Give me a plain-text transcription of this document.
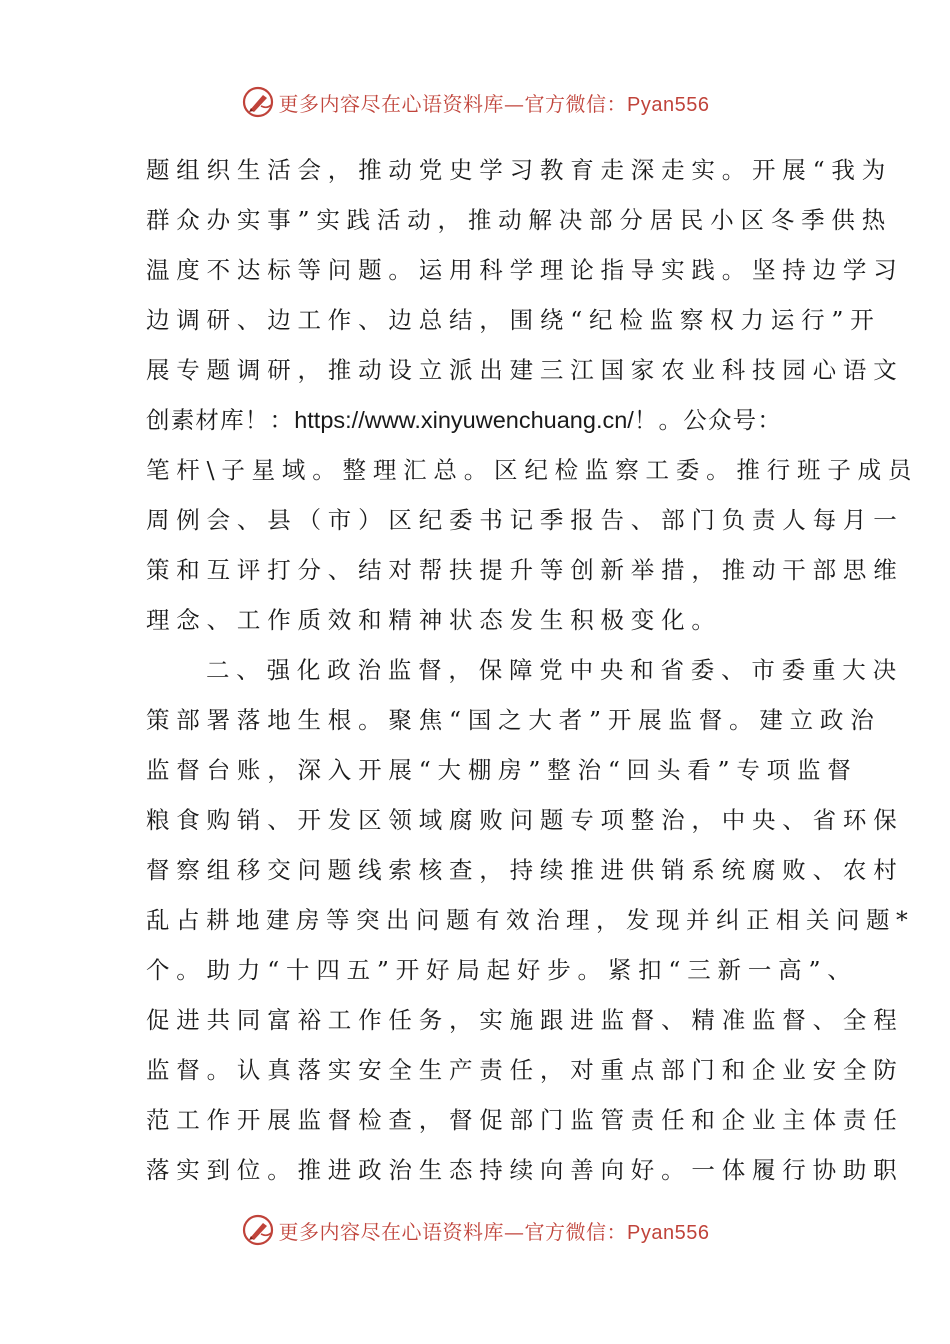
更多内容尽在心语资料库—官方微信：Pyan556
题组织生活会，推动党史学习教育走深走实。开展“我为
群众办实事”实践活动，推动解决部分居民小区冬季供热
温度不达标等问题。运用科学理论指导实践。坚持边学习
边调研、边工作、边总结，围绕“纪检监察权力运行”开
展专题调研，推动设立派出建三江国家农业科技园心语文
创素材库！：https://www.xinyuwenchuang.cn/！。公众号：
笔杆\子星域。整理汇总。区纪检监察工委。推行班子成员
周例会、县（市）区纪委书记季报告、部门负责人每月一
策和互评打分、结对帮扶提升等创新举措，推动干部思维
理念、工作质效和精神状态发生积极变化。
二、强化政治监督，保障党中央和省委、市委重大决
策部署落地生根。聚焦“国之大者”开展监督。建立政治
监督台账，深入开展“大棚房”整治“回头看”专项监督
粮食购销、开发区领域腐败问题专项整治，中央、省环保
督察组移交问题线索核查，持续推进供销系统腐败、农村
乱占耕地建房等突出问题有效治理，发现并纠正相关问题*
个。助力“十四五”开好局起好步。紧扣“三新一高”、
促进共同富裕工作任务，实施跟进监督、精准监督、全程
监督。认真落实安全生产责任，对重点部门和企业安全防
范工作开展监督检查，督促部门监管责任和企业主体责任
落实到位。推进政治生态持续向善向好。一体履行协助职
更多内容尽在心语资料库—官方微信：Pyan556
